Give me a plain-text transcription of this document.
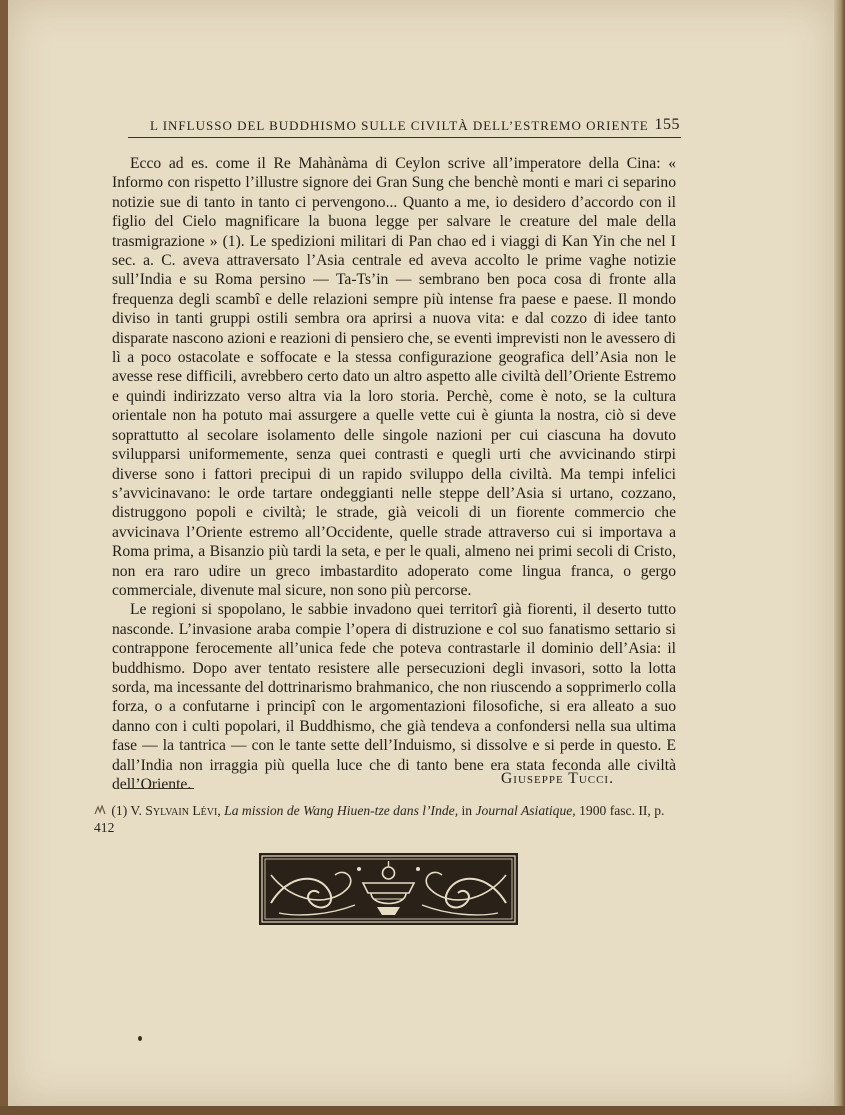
L INFLUSSO DEL BUDDHISMO SULLE CIVILTÀ DELL’ESTREMO ORIENTE 155

Ecco ad es. come il Re Mahànàma di Ceylon scrive all’imperatore della Cina: « Informo con rispetto l’illustre signore dei Gran Sung che benchè monti e mari ci separino notizie sue di tanto in tanto ci pervengono... Quanto a me, io desidero d’accordo con il figlio del Cielo magnificare la buona legge per salvare le creature del male della trasmigrazione » (1). Le spedizioni militari di Pan chao ed i viaggi di Kan Yin che nel I sec. a. C. aveva attraversato l’Asia centrale ed aveva accolto le prime vaghe notizie sull’India e su Roma persino — Ta-Ts’in — sembrano ben poca cosa di fronte alla frequenza degli scambî e delle relazioni sempre più intense fra paese e paese. Il mondo diviso in tanti gruppi ostili sembra ora aprirsi a nuova vita: e dal cozzo di idee tanto disparate nascono azioni e reazioni di pensiero che, se eventi imprevisti non le avessero di lì a poco ostacolate e soffocate e la stessa configurazione geografica dell’Asia non le avesse rese difficili, avrebbero certo dato un altro aspetto alle civiltà dell’Oriente Estremo e quindi indirizzato verso altra via la loro storia. Perchè, come è noto, se la cultura orientale non ha potuto mai assurgere a quelle vette cui è giunta la nostra, ciò si deve soprattutto al secolare isolamento delle singole nazioni per cui ciascuna ha dovuto svilupparsi uniformemente, senza quei contrasti e quegli urti che avvicinando stirpi diverse sono i fattori precipui di un rapido sviluppo della civiltà. Ma tempi infelici s’avvicinavano: le orde tartare ondeggianti nelle steppe dell’Asia si urtano, cozzano, distruggono popoli e civiltà; le strade, già veicoli di un fiorente commercio che avvicinava l’Oriente estremo all’Occidente, quelle strade attraverso cui si importava a Roma prima, a Bisanzio più tardi la seta, e per le quali, almeno nei primi secoli di Cristo, non era raro udire un greco imbastardito adoperato come lingua franca, o gergo commerciale, divenute mal sicure, non sono più percorse.

Le regioni si spopolano, le sabbie invadono quei territorî già fiorenti, il deserto tutto nasconde. L’invasione araba compie l’opera di distruzione e col suo fanatismo settario si contrappone ferocemente all’unica fede che poteva contrastarle il dominio dell’Asia: il buddhismo. Dopo aver tentato resistere alle persecuzioni degli invasori, sotto la lotta sorda, ma incessante del dottrinarismo brahmanico, che non riuscendo a sopprimerlo colla forza, o a confutarne i principî con le argomentazioni filosofiche, si era alleato a suo danno con i culti popolari, il Buddhismo, che già tendeva a confondersi nella sua ultima fase — la tantrica — con le tante sette dell’Induismo, si dissolve e si perde in questo. E dall’India non irraggia più quella luce che di tanto bene era stata feconda alle civiltà dell’Oriente.	Giuseppe Tucci.
(1) V. Sylvain Lévi, La mission de Wang Hiuen-tze dans l’Inde, in Journal Asiatique, 1900 fasc. II, p. 412
